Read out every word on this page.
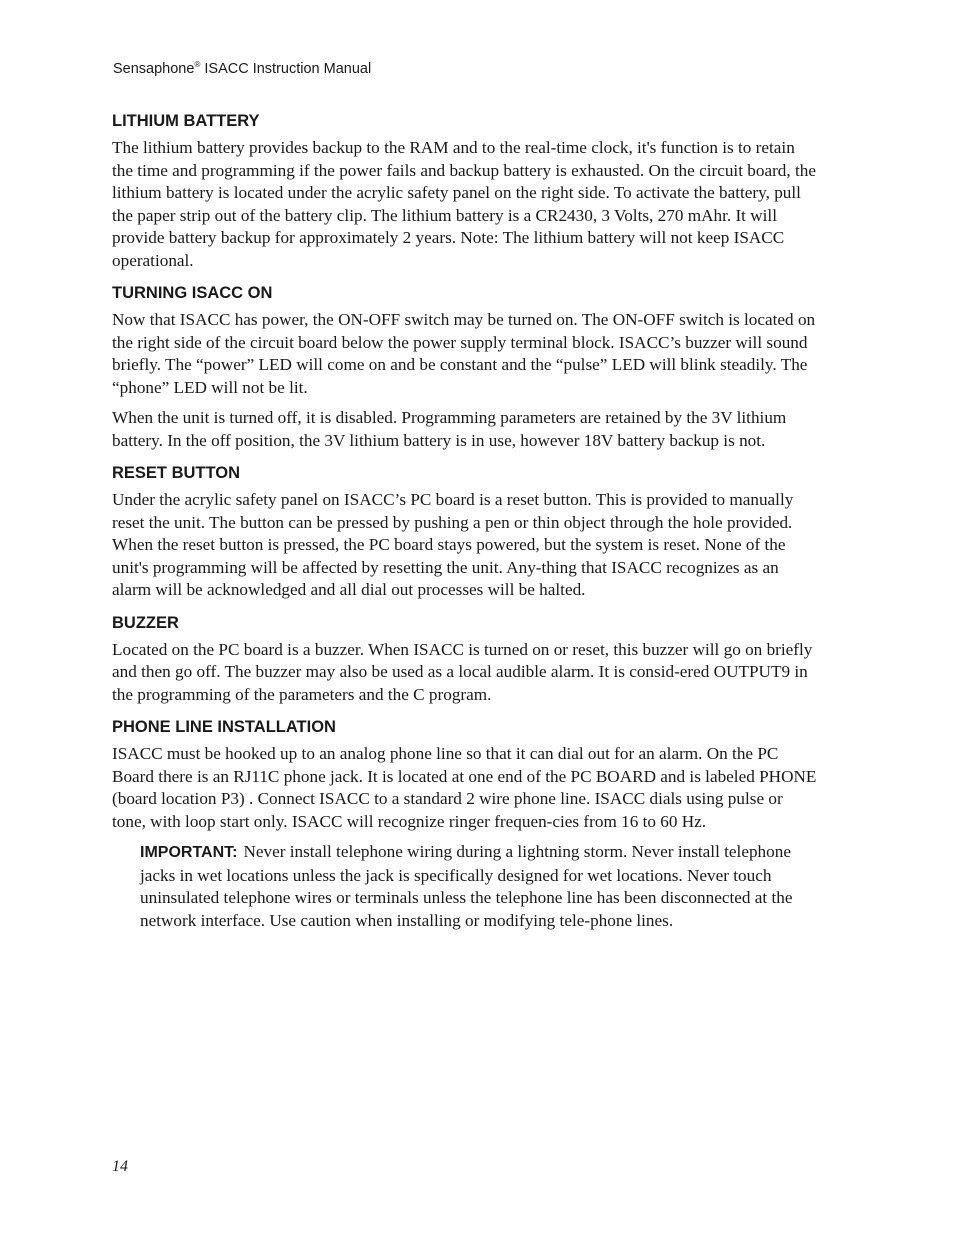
Sensaphone® ISACC Instruction Manual
LITHIUM BATTERY

The lithium battery provides backup to the RAM and to the real-time clock, it's function is to retain the time and programming if the power fails and backup battery is exhausted. On the circuit board, the lithium battery is located under the acrylic safety panel on the right side. To activate the battery, pull the paper strip out of the battery clip. The lithium battery is a CR2430, 3 Volts, 270 mAhr. It will provide battery backup for approximately 2 years. Note: The lithium battery will not keep ISACC operational.

TURNING ISACC ON

Now that ISACC has power, the ON-OFF switch may be turned on. The ON-OFF switch is located on the right side of the circuit board below the power supply terminal block. ISACC’s buzzer will sound briefly. The “power” LED will come on and be constant and the “pulse” LED will blink steadily. The “phone” LED will not be lit.

When the unit is turned off, it is disabled. Programming parameters are retained by the 3V lithium battery. In the off position, the 3V lithium battery is in use, however 18V battery backup is not.

RESET BUTTON

Under the acrylic safety panel on ISACC’s PC board is a reset button. This is provided to manually reset the unit. The button can be pressed by pushing a pen or thin object through the hole provided. When the reset button is pressed, the PC board stays powered, but the system is reset. None of the unit's programming will be affected by resetting the unit. Any-thing that ISACC recognizes as an alarm will be acknowledged and all dial out processes will be halted.

BUZZER

Located on the PC board is a buzzer. When ISACC is turned on or reset, this buzzer will go on briefly and then go off. The buzzer may also be used as a local audible alarm. It is consid-ered OUTPUT9 in the programming of the parameters and the C program.

PHONE LINE INSTALLATION

ISACC must be hooked up to an analog phone line so that it can dial out for an alarm. On the PC Board there is an RJ11C phone jack. It is located at one end of the PC BOARD and is labeled PHONE (board location P3) . Connect ISACC to a standard 2 wire phone line. ISACC dials using pulse or tone, with loop start only. ISACC will recognize ringer frequen-cies from 16 to 60 Hz.

IMPORTANT: Never install telephone wiring during a lightning storm. Never install telephone jacks in wet locations unless the jack is specifically designed for wet locations. Never touch uninsulated telephone wires or terminals unless the telephone line has been disconnected at the network interface. Use caution when installing or modifying tele-phone lines.

14
